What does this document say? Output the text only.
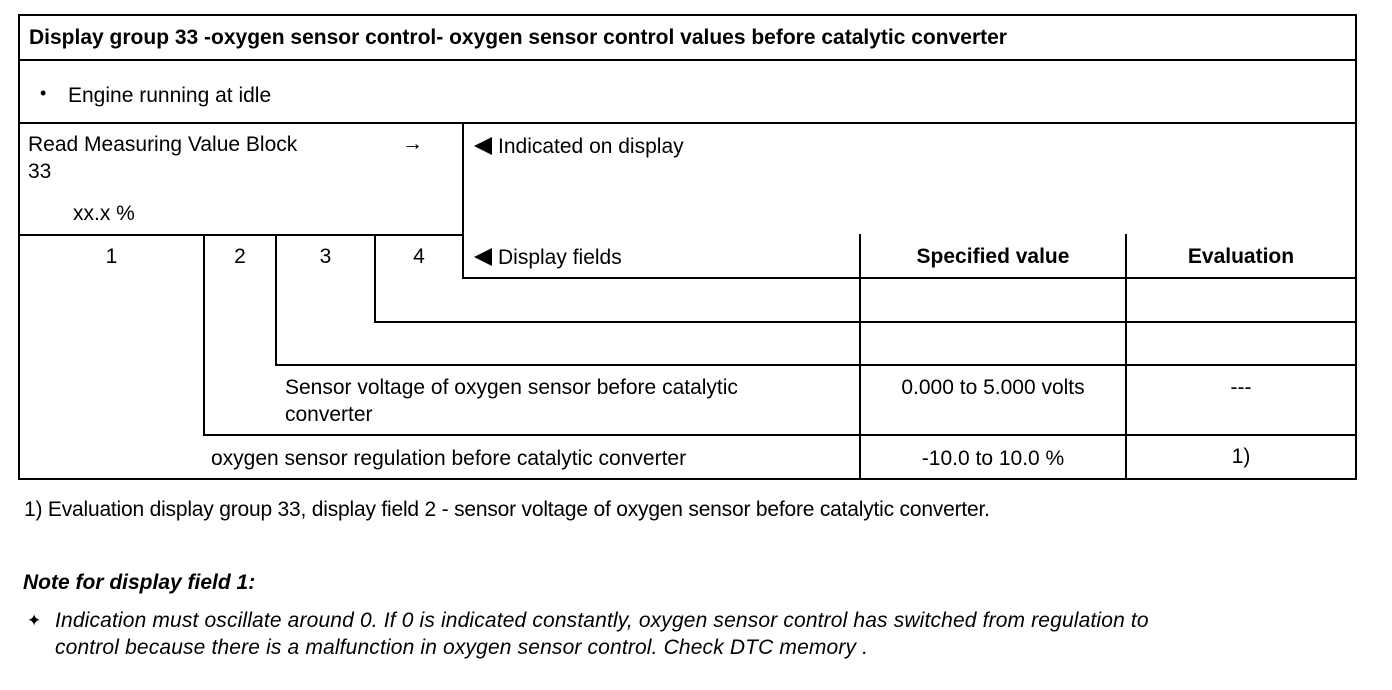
Display group 33 -oxygen sensor control- oxygen sensor control values before catalytic converter
• Engine running at idle
Read Measuring Value Block	→
33
xx.x %
Indicated on display
1	2	3	4	Display fields	Specified value	Evaluation
Sensor voltage of oxygen sensor before catalytic
converter
0.000 to 5.000 volts	---
oxygen sensor regulation before catalytic converter	-10.0 to 10.0 %	1)
1) Evaluation display group 33, display field 2 - sensor voltage of oxygen sensor before catalytic converter.
Note for display field 1:
✦ Indication must oscillate around 0. If 0 is indicated constantly, oxygen sensor control has switched from regulation to
control because there is a malfunction in oxygen sensor control. Check DTC memory .
